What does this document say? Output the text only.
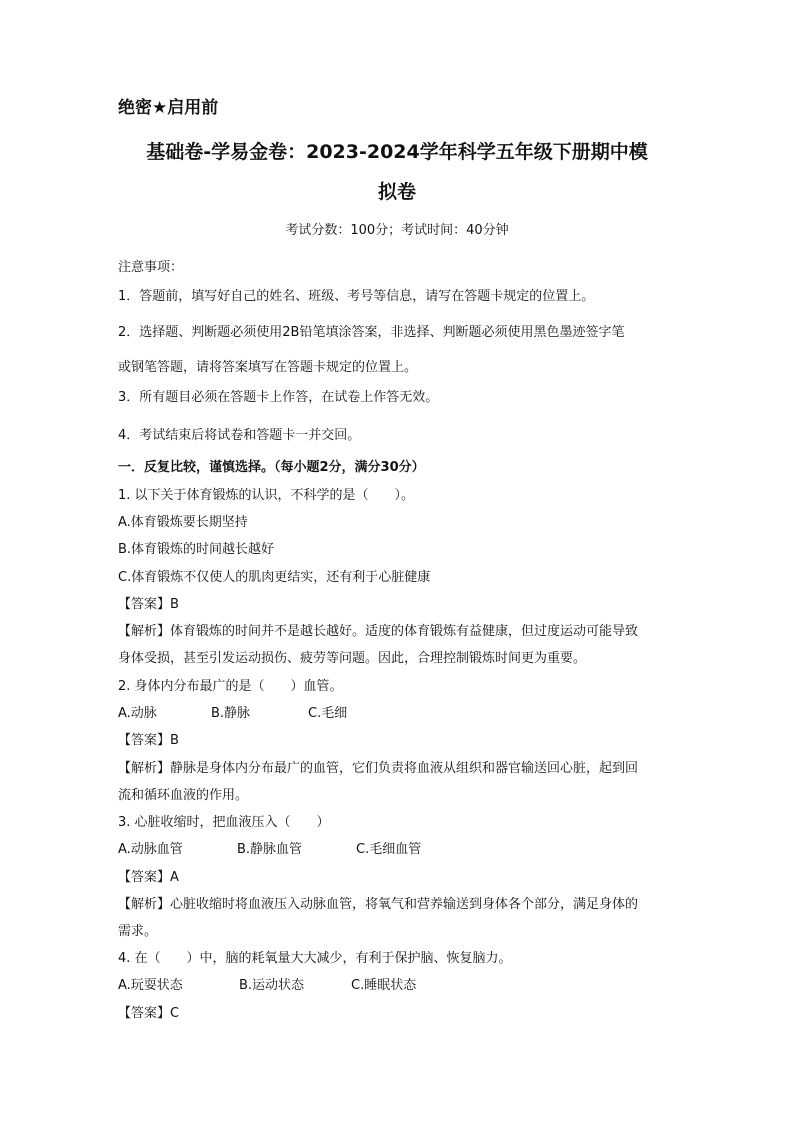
绝密★启用前
基础卷-学易金卷：2023-2024学年科学五年级下册期中模
拟卷
考试分数：100分；考试时间：40分钟
注意事项：
1．答题前，填写好自己的姓名、班级、考号等信息，请写在答题卡规定的位置上。
2．选择题、判断题必须使用2B铅笔填涂答案，非选择、判断题必须使用黑色墨迹签字笔
或钢笔答题，请将答案填写在答题卡规定的位置上。
3．所有题目必须在答题卡上作答，在试卷上作答无效。
4．考试结束后将试卷和答题卡一并交回。
一．反复比较，谨慎选择。（每小题2分，满分30分）
1. 以下关于体育锻炼的认识，不科学的是（　　）。
A.体育锻炼要长期坚持
B.体育锻炼的时间越长越好
C.体育锻炼不仅使人的肌肉更结实，还有利于心脏健康
【答案】B
【解析】体育锻炼的时间并不是越长越好。适度的体育锻炼有益健康，但过度运动可能导致
身体受损，甚至引发运动损伤、疲劳等问题。因此，合理控制锻炼时间更为重要。
2. 身体内分布最广的是（　　）血管。
A.动脉	B.静脉	C.毛细
【答案】B
【解析】静脉是身体内分布最广的血管，它们负责将血液从组织和器官输送回心脏，起到回
流和循环血液的作用。
3. 心脏收缩时，把血液压入（　　）
A.动脉血管	B.静脉血管	C.毛细血管
【答案】A
【解析】心脏收缩时将血液压入动脉血管，将氧气和营养输送到身体各个部分，满足身体的
需求。
4. 在（　　）中，脑的耗氧量大大减少，有利于保护脑、恢复脑力。
A.玩耍状态	B.运动状态	C.睡眠状态
【答案】C
